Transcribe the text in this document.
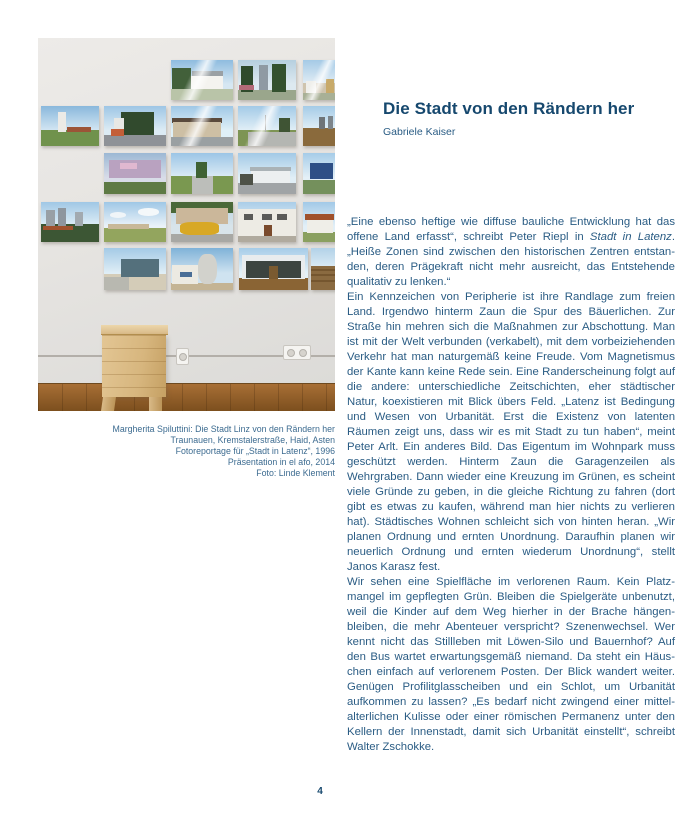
Margherita Spiluttini: Die Stadt Linz von den Rändern her
Traunauen, Kremstalerstraße, Haid, Asten
Fotoreportage für „Stadt in Latenz“, 1996
Präsentation in el afo, 2014
Foto: Linde Klement
Die Stadt von den Rändern her
Gabriele Kaiser

„Eine ebenso heftige wie diffuse bauliche Entwicklung hat das offene Land erfasst“, schreibt Peter Riepl in Stadt in Latenz. „Heiße Zonen sind zwischen den historischen Zentren entstanden, deren Prägekraft nicht mehr ausreicht, das Entstehende qualitativ zu lenken.“

Ein Kennzeichen von Peripherie ist ihre Randlage zum freien Land. Irgendwo hinterm Zaun die Spur des Bäuerlichen. Zur Straße hin mehren sich die Maßnahmen zur Abschottung. Man ist mit der Welt verbunden (verkabelt), mit dem vorbeiziehenden Verkehr hat man naturgemäß keine Freude. Vom Magnetismus der Kante kann keine Rede sein. Eine Randerscheinung folgt auf die andere: unterschiedliche Zeitschichten, eher städtischer Natur, koexistieren mit Blick übers Feld. „Latenz ist Bedingung und Wesen von Urbanität. Erst die Existenz von latenten Räumen zeigt uns, dass wir es mit Stadt zu tun haben“, meint Peter Arlt. Ein anderes Bild. Das Eigentum im Wohnpark muss geschützt werden. Hinterm Zaun die Garagenzeilen als Wehrgraben. Dann wieder eine Kreuzung im Grünen, es scheint viele Gründe zu geben, in die gleiche Richtung zu fahren (dort gibt es etwas zu kaufen, während man hier nichts zu verlieren hat). Städtisches Wohnen schleicht sich von hinten heran. „Wir planen Ordnung und ernten Unordnung. Daraufhin planen wir neuerlich Ordnung und ernten wiederum Unordnung“, stellt Janos Karasz fest.

Wir sehen eine Spielfläche im verlorenen Raum. Kein Platzmangel im gepflegten Grün. Bleiben die Spielgeräte unbenutzt, weil die Kinder auf dem Weg hierher in der Brache hängenbleiben, die mehr Abenteuer verspricht? Szenenwechsel. Wer kennt nicht das Stillleben mit Löwen-Silo und Bauernhof? Auf den Bus wartet erwartungsgemäß niemand. Da steht ein Häuschen einfach auf verlorenem Posten. Der Blick wandert weiter. Genügen Profilitglasscheiben und ein Schlot, um Urbanität aufkommen zu lassen? „Es bedarf nicht zwingend einer mittelalterlichen Kulisse oder einer römischen Permanenz unter den Kellern der Innenstadt, damit sich Urbanität einstellt“, schreibt Walter Zschokke.

4
